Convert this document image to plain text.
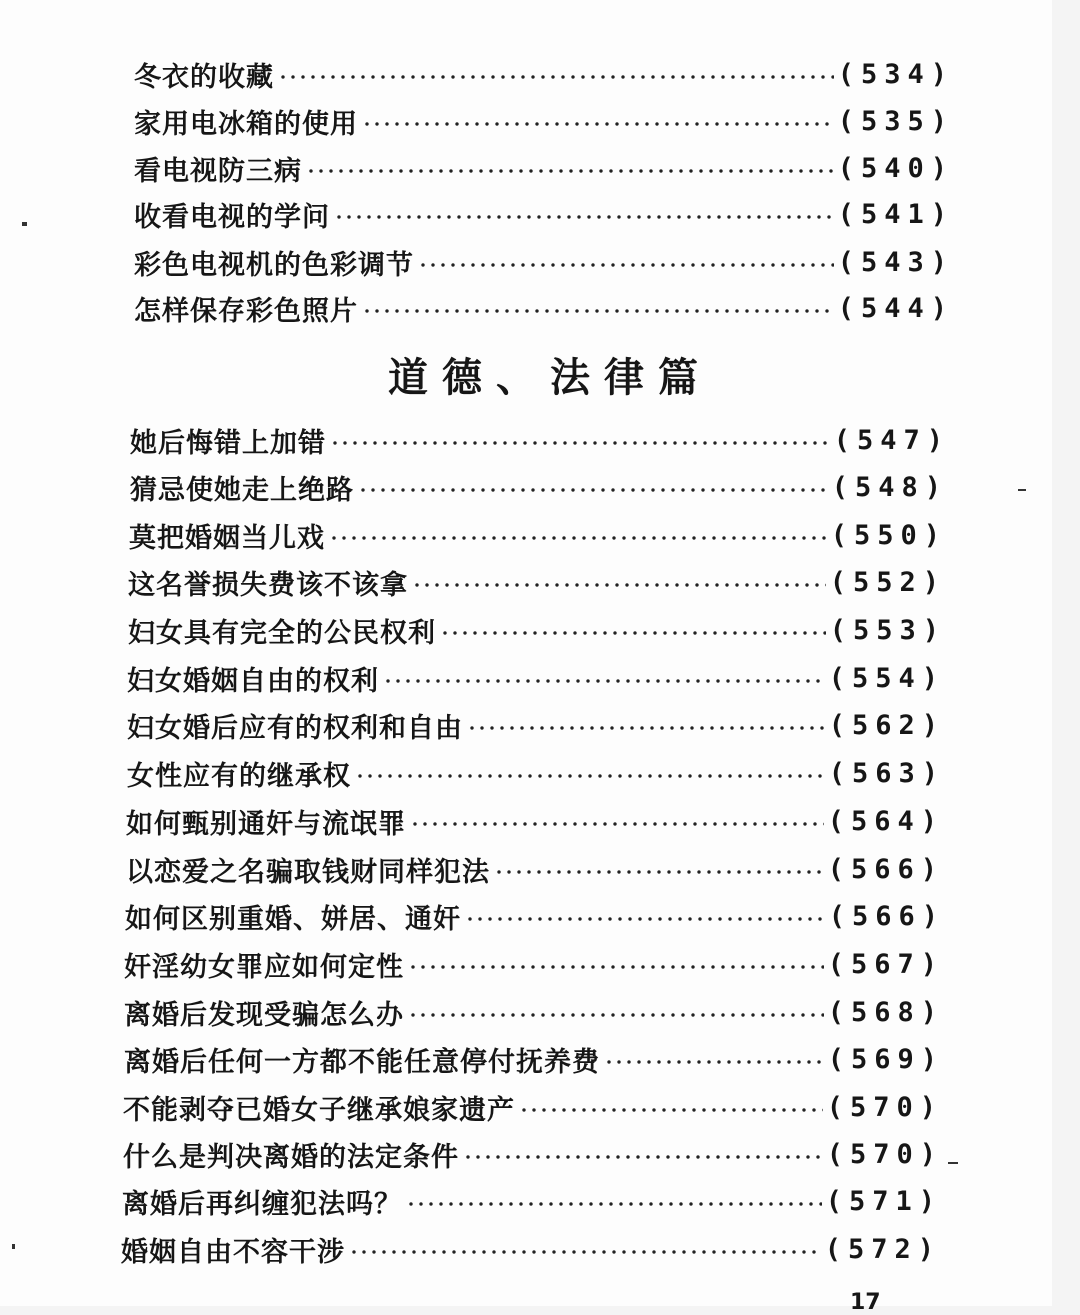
冬衣的收藏	(534)
家用电冰箱的使用	(535)
看电视防三病	(540)
收看电视的学问	(541)
彩色电视机的色彩调节	(543)
怎样保存彩色照片	(544)
道德、法律篇
她后悔错上加错	(547)
猜忌使她走上绝路	(548)
莫把婚姻当儿戏	(550)
这名誉损失费该不该拿	(552)
妇女具有完全的公民权利	(553)
妇女婚姻自由的权利	(554)
妇女婚后应有的权利和自由	(562)
女性应有的继承权	(563)
如何甄别通奸与流氓罪	(564)
以恋爱之名骗取钱财同样犯法	(566)
如何区别重婚、姘居、通奸	(566)
奸淫幼女罪应如何定性	(567)
离婚后发现受骗怎么办	(568)
离婚后任何一方都不能任意停付抚养费	(569)
不能剥夺已婚女子继承娘家遗产	(570)
什么是判决离婚的法定条件	(570)
离婚后再纠缠犯法吗？	(571)
婚姻自由不容干涉	(572)
17
